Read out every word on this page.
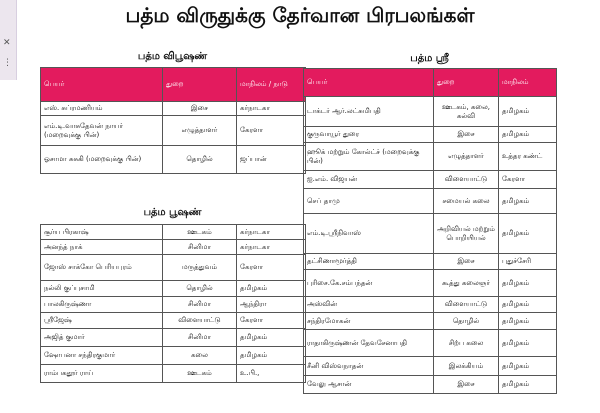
✕
⋮
பத்ம விருதுக்கு தேர்வான பிரபலங்கள்
பத்ம விபூஷண்
பெயர்	துறை	மாநிலம் / நாடு
எஸ். சுப்ரமணியம்	இசை	கர்நாடகா
எம்.டி.வாசுதேவன் நாயர் (மறைவுக்கு பின்)	எழுத்தாளர்	கேரளா
ஓசாமா சுசுகி (மறைவுக்கு பின்)	தொழில்	ஜப்பான்
பத்ம பூஷண்
சூர்ய பிரகாஷ்	ஊடகம்	கர்நாடகா
அனந்த் நாக்	சினிமா	கர்நாடகா
ஜோஸ் சாக்கோ பெரியபுரம்	மருத்துவம்	கேரளா
நல்லி குப்புசாமி	தொழில்	தமிழகம்
பாலகிருஷ்ணா	சினிமா	ஆந்திரா
ஸ்ரீஜேஷ்	விளையாட்டு	கேரளா
அஜித் குமார்	சினிமா	தமிழகம்
ஷோபனா சந்திரகுமார்	கலை	தமிழகம்
ராம்பகதூர் ராய்	ஊடகம்	உ.பி.,
பத்ம ஸ்ரீ
பெயர்	துறை	மாநிலம்
டாக்டர் ஆர்.லட்சுமிபதி	ஊடகம், கலை, கல்வி	தமிழகம்
குருவாயூர் துரை	இசை	தமிழகம்
ஹூக் மற்றும் கோல்ட்ச் (மறைவுக்கு பின்)	எழுத்தாளர்	உத்தர கண்ட்
ஐ.எம். விஜயன்	விளையாட்டு	கேரளா
செப் தாமு	சமையல் கலை	தமிழகம்
எம்.டி.ஸ்ரீநிவாஸ்	அறிவியல் மற்றும் பொறியியல்	தமிழகம்
தட்சிணாமூர்த்தி	இசை	புதுச்சேரி
புரிசை.கே.சம்பந்தன்	கூத்து கலைஞர்	தமிழகம்
அஸ்வின்	விளையாட்டு	தமிழகம்
சந்திரமோகன்	தொழில்	தமிழகம்
ராதாகிருஷ்ணன் தேவசேனாபதி	சிற்ப கலை	தமிழகம்
சீனி விஸ்வநாதன்	இலக்கியம்	தமிழகம்
வேலு ஆசான்	இசை	தமிழகம்
